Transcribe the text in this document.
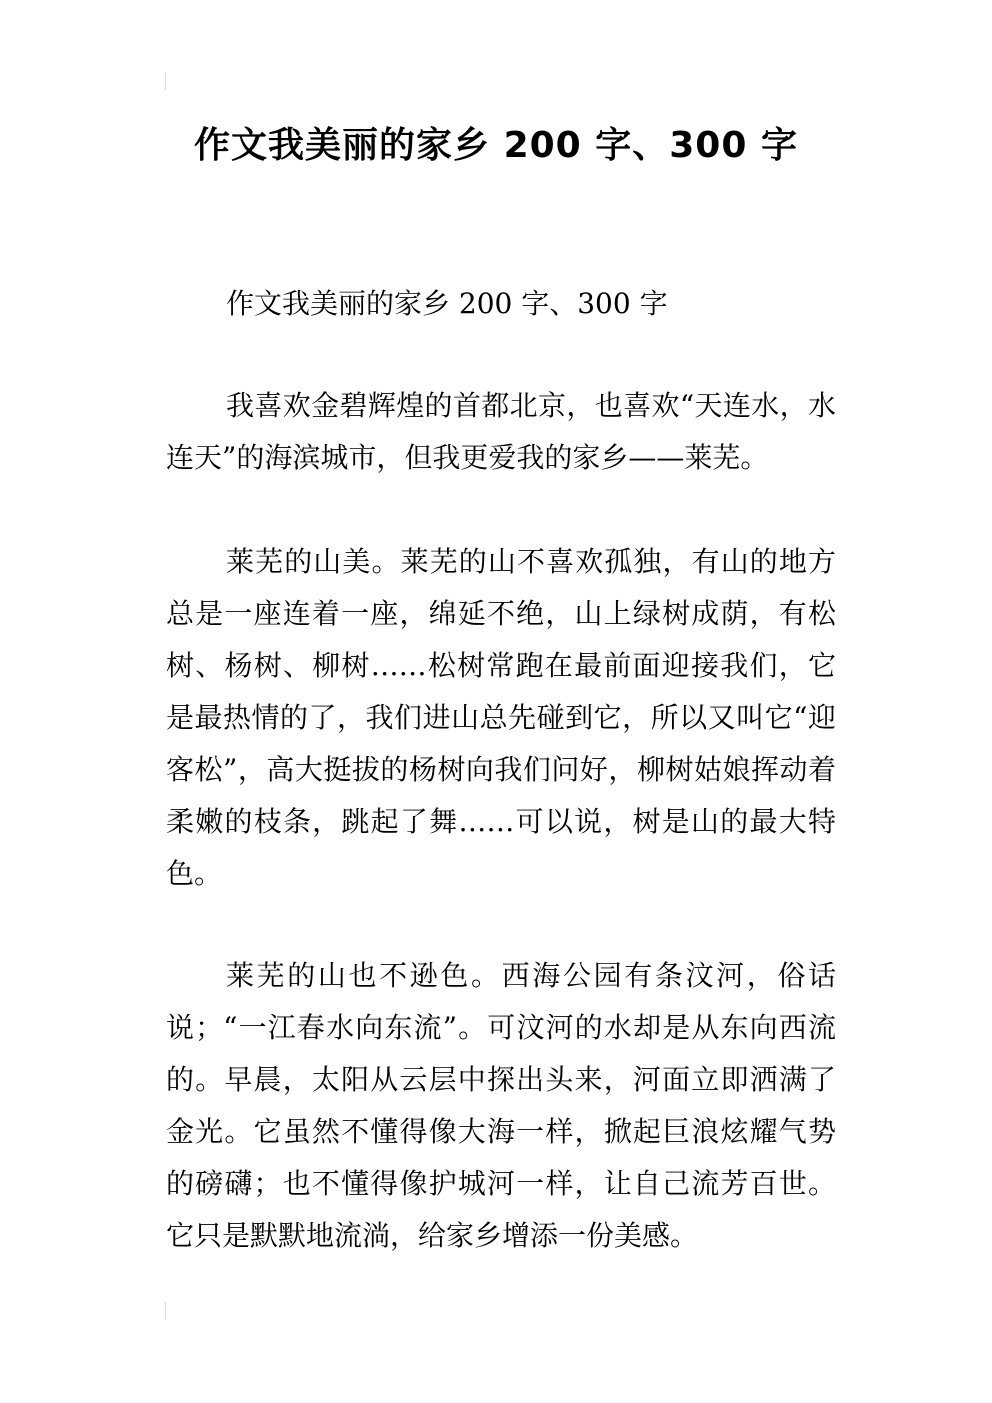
作文我美丽的家乡 200 字、300 字

作文我美丽的家乡 200 字、300 字

我喜欢金碧辉煌的首都北京，也喜欢“天连水，水连天”的海滨城市，但我更爱我的家乡——莱芜。

莱芜的山美。莱芜的山不喜欢孤独，有山的地方总是一座连着一座，绵延不绝，山上绿树成荫，有松树、杨树、柳树……松树常跑在最前面迎接我们，它是最热情的了，我们进山总先碰到它，所以又叫它“迎客松”，高大挺拔的杨树向我们问好，柳树姑娘挥动着柔嫩的枝条，跳起了舞……可以说，树是山的最大特色。

莱芜的山也不逊色。西海公园有条汶河，俗话说；“一江春水向东流”。可汶河的水却是从东向西流的。早晨，太阳从云层中探出头来，河面立即洒满了金光。它虽然不懂得像大海一样，掀起巨浪炫耀气势的磅礴；也不懂得像护城河一样，让自己流芳百世。它只是默默地流淌，给家乡增添一份美感。
